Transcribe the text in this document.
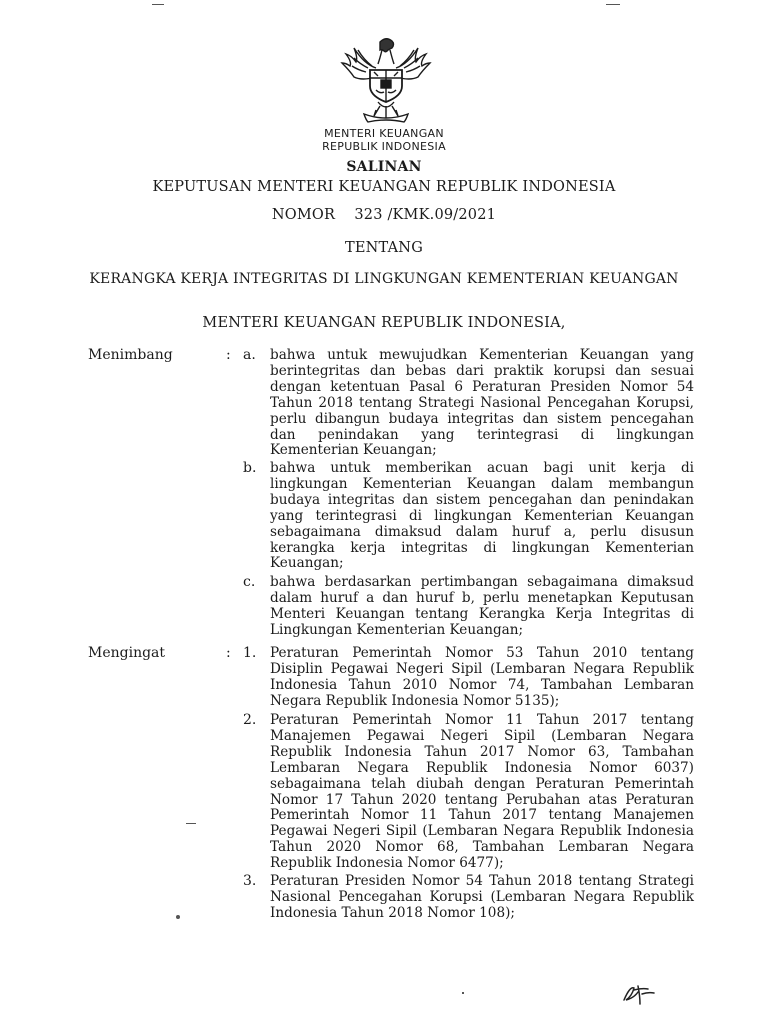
MENTERI KEUANGAN
REPUBLIK INDONESIA
SALINAN
KEPUTUSAN MENTERI KEUANGAN REPUBLIK INDONESIA
NOMOR    323 /KMK.09/2021
TENTANG
KERANGKA KERJA INTEGRITAS DI LINGKUNGAN KEMENTERIAN KEUANGAN
MENTERI KEUANGAN REPUBLIK INDONESIA,
Menimbang	: a. bahwa untuk mewujudkan Kementerian Keuangan yang berintegritas dan bebas dari praktik korupsi dan sesuai dengan ketentuan Pasal 6 Peraturan Presiden Nomor 54 Tahun 2018 tentang Strategi Nasional Pencegahan Korupsi, perlu dibangun budaya integritas dan sistem pencegahan dan penindakan yang terintegrasi di lingkungan Kementerian Keuangan;
b. bahwa untuk memberikan acuan bagi unit kerja di lingkungan Kementerian Keuangan dalam membangun budaya integritas dan sistem pencegahan dan penindakan yang terintegrasi di lingkungan Kementerian Keuangan sebagaimana dimaksud dalam huruf a, perlu disusun kerangka kerja integritas di lingkungan Kementerian Keuangan;
c. bahwa berdasarkan pertimbangan sebagaimana dimaksud dalam huruf a dan huruf b, perlu menetapkan Keputusan Menteri Keuangan tentang Kerangka Kerja Integritas di Lingkungan Kementerian Keuangan;
Mengingat	: 1. Peraturan Pemerintah Nomor 53 Tahun 2010 tentang Disiplin Pegawai Negeri Sipil (Lembaran Negara Republik Indonesia Tahun 2010 Nomor 74, Tambahan Lembaran Negara Republik Indonesia Nomor 5135);
2. Peraturan Pemerintah Nomor 11 Tahun 2017 tentang Manajemen Pegawai Negeri Sipil (Lembaran Negara Republik Indonesia Tahun 2017 Nomor 63, Tambahan Lembaran Negara Republik Indonesia Nomor 6037) sebagaimana telah diubah dengan Peraturan Pemerintah Nomor 17 Tahun 2020 tentang Perubahan atas Peraturan Pemerintah Nomor 11 Tahun 2017 tentang Manajemen Pegawai Negeri Sipil (Lembaran Negara Republik Indonesia Tahun 2020 Nomor 68, Tambahan Lembaran Negara Republik Indonesia Nomor 6477);
3. Peraturan Presiden Nomor 54 Tahun 2018 tentang Strategi Nasional Pencegahan Korupsi (Lembaran Negara Republik Indonesia Tahun 2018 Nomor 108);
